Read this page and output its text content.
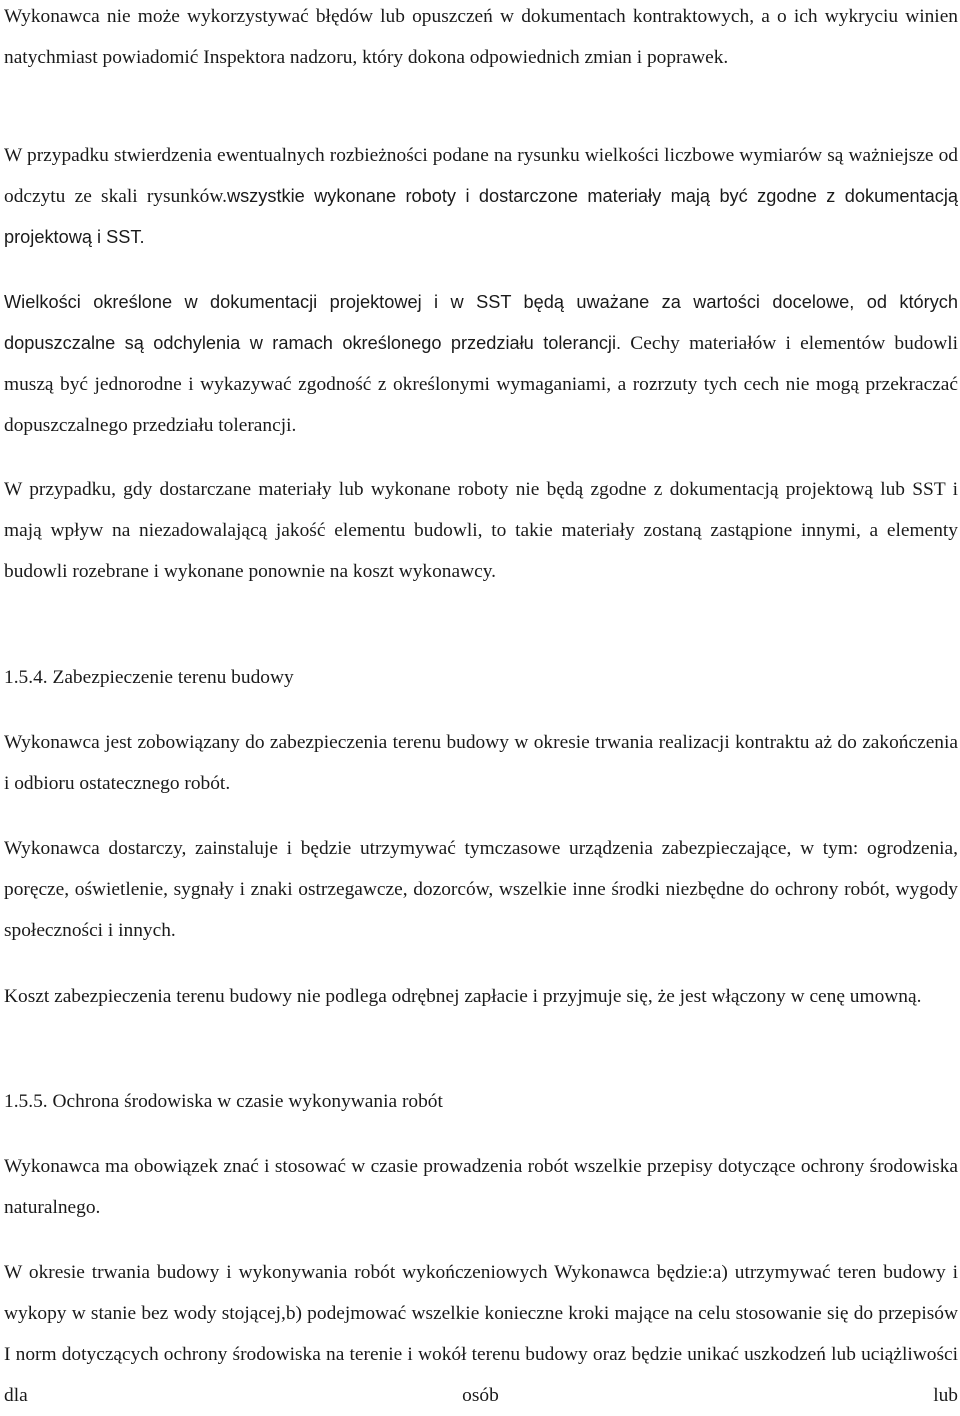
Wykonawca nie może wykorzystywać błędów lub opuszczeń w dokumentach kontraktowych, a o ich wykryciu winien natychmiast powiadomić Inspektora nadzoru, który dokona odpowiednich zmian i poprawek.

W przypadku stwierdzenia ewentualnych rozbieżności podane na rysunku wielkości liczbowe wymiarów są ważniejsze od odczytu ze skali rysunków.wszystkie wykonane roboty i dostarczone materiały mają być zgodne z dokumentacją projektową i SST.

Wielkości określone w dokumentacji projektowej i w SST będą uważane za wartości docelowe, od których dopuszczalne są odchylenia w ramach określonego przedziału tolerancji. Cechy materiałów i elementów budowli muszą być jednorodne i wykazywać zgodność z określonymi wymaganiami, a rozrzuty tych cech nie mogą przekraczać dopuszczalnego przedziału tolerancji.

W przypadku, gdy dostarczane materiały lub wykonane roboty nie będą zgodne z dokumentacją projektową lub SST i mają wpływ na niezadowalającą jakość elementu budowli, to takie materiały zostaną zastąpione innymi, a elementy budowli rozebrane i wykonane ponownie na koszt wykonawcy.

1.5.4. Zabezpieczenie terenu budowy

Wykonawca jest zobowiązany do zabezpieczenia terenu budowy w okresie trwania realizacji kontraktu aż do zakończenia i odbioru ostatecznego robót.

Wykonawca dostarczy, zainstaluje i będzie utrzymywać tymczasowe urządzenia zabezpieczające, w tym: ogrodzenia, poręcze, oświetlenie, sygnały i znaki ostrzegawcze, dozorców, wszelkie inne środki niezbędne do ochrony robót, wygody społeczności i innych.

Koszt zabezpieczenia terenu budowy nie podlega odrębnej zapłacie i przyjmuje się, że jest włączony w cenę umowną.

1.5.5. Ochrona środowiska w czasie wykonywania robót

Wykonawca ma obowiązek znać i stosować w czasie prowadzenia robót wszelkie przepisy dotyczące ochrony środowiska naturalnego.

W okresie trwania budowy i wykonywania robót wykończeniowych Wykonawca będzie:a) utrzymywać teren budowy i wykopy w stanie bez wody stojącej,b) podejmować wszelkie konieczne kroki mające na celu stosowanie się do przepisów I norm dotyczących ochrony środowiska na terenie i wokół terenu budowy oraz będzie unikać uszkodzeń lub uciążliwości dla osób lub
